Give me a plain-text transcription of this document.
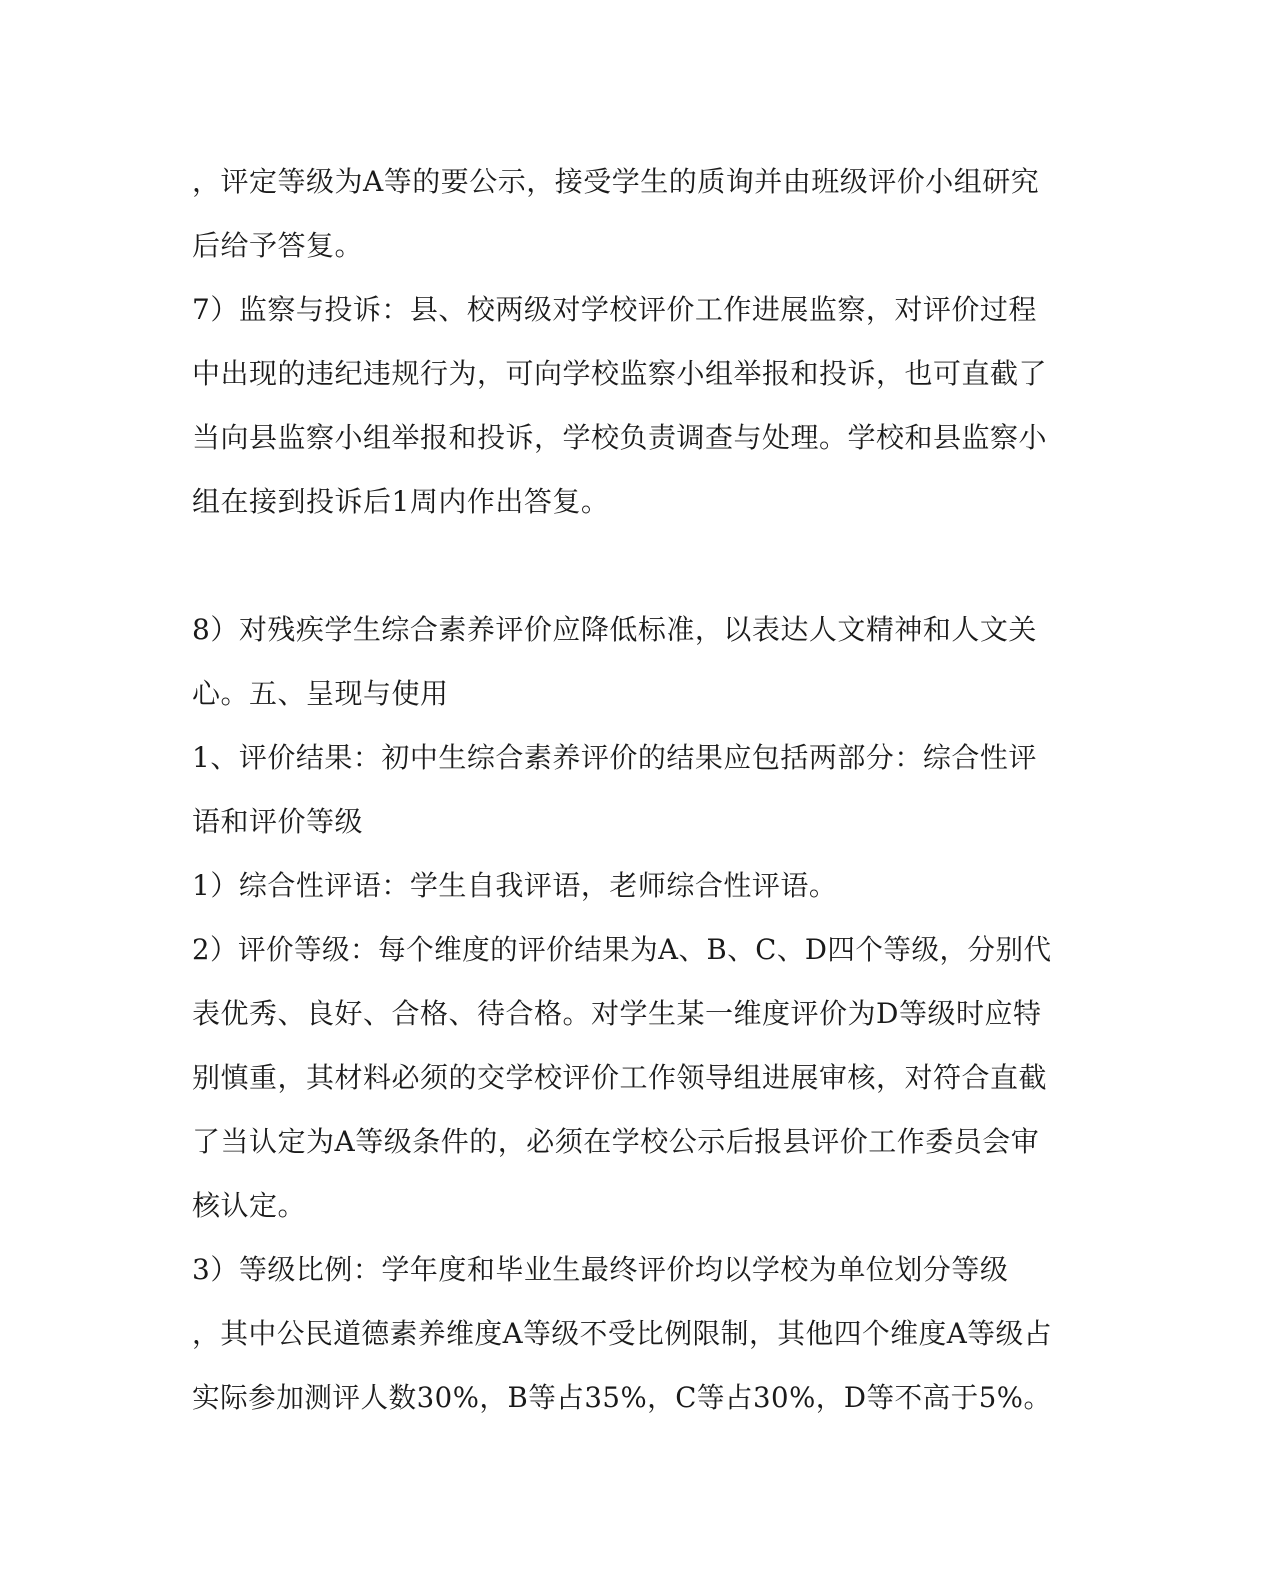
，评定等级为A等的要公示，接受学生的质询并由班级评价小组研究
后给予答复。
7）监察与投诉：县、校两级对学校评价工作进展监察，对评价过程
中出现的违纪违规行为，可向学校监察小组举报和投诉，也可直截了
当向县监察小组举报和投诉，学校负责调查与处理。学校和县监察小
组在接到投诉后1周内作出答复。
8）对残疾学生综合素养评价应降低标准，以表达人文精神和人文关
心。五、呈现与使用
1、评价结果：初中生综合素养评价的结果应包括两部分：综合性评
语和评价等级
1）综合性评语：学生自我评语，老师综合性评语。
2）评价等级：每个维度的评价结果为A、B、C、D四个等级，分别代
表优秀、良好、合格、待合格。对学生某一维度评价为D等级时应特
别慎重，其材料必须的交学校评价工作领导组进展审核，对符合直截
了当认定为A等级条件的，必须在学校公示后报县评价工作委员会审
核认定。
3）等级比例：学年度和毕业生最终评价均以学校为单位划分等级
，其中公民道德素养维度A等级不受比例限制，其他四个维度A等级占
实际参加测评人数30%，B等占35%，C等占30%，D等不高于5%。
